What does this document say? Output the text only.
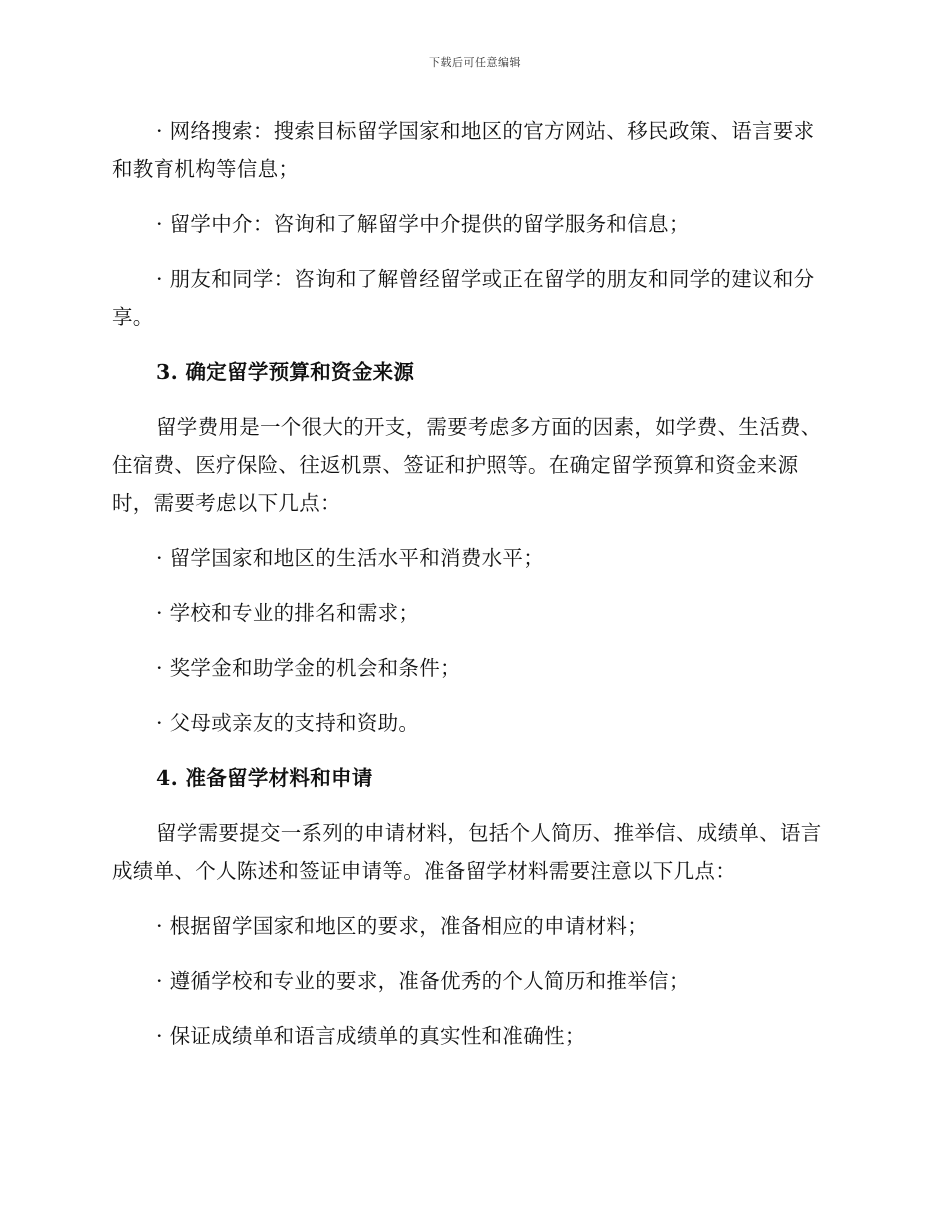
下载后可任意编辑

· 网络搜索：搜索目标留学国家和地区的官方网站、移民政策、语言要求和教育机构等信息；

· 留学中介：咨询和了解留学中介提供的留学服务和信息；

· 朋友和同学：咨询和了解曾经留学或正在留学的朋友和同学的建议和分享。

3. 确定留学预算和资金来源

留学费用是一个很大的开支，需要考虑多方面的因素，如学费、生活费、住宿费、医疗保险、往返机票、签证和护照等。在确定留学预算和资金来源时，需要考虑以下几点：

· 留学国家和地区的生活水平和消费水平；

· 学校和专业的排名和需求；

· 奖学金和助学金的机会和条件；

· 父母或亲友的支持和资助。

4. 准备留学材料和申请

留学需要提交一系列的申请材料，包括个人简历、推举信、成绩单、语言成绩单、个人陈述和签证申请等。准备留学材料需要注意以下几点：

· 根据留学国家和地区的要求，准备相应的申请材料；

· 遵循学校和专业的要求，准备优秀的个人简历和推举信；

· 保证成绩单和语言成绩单的真实性和准确性；
